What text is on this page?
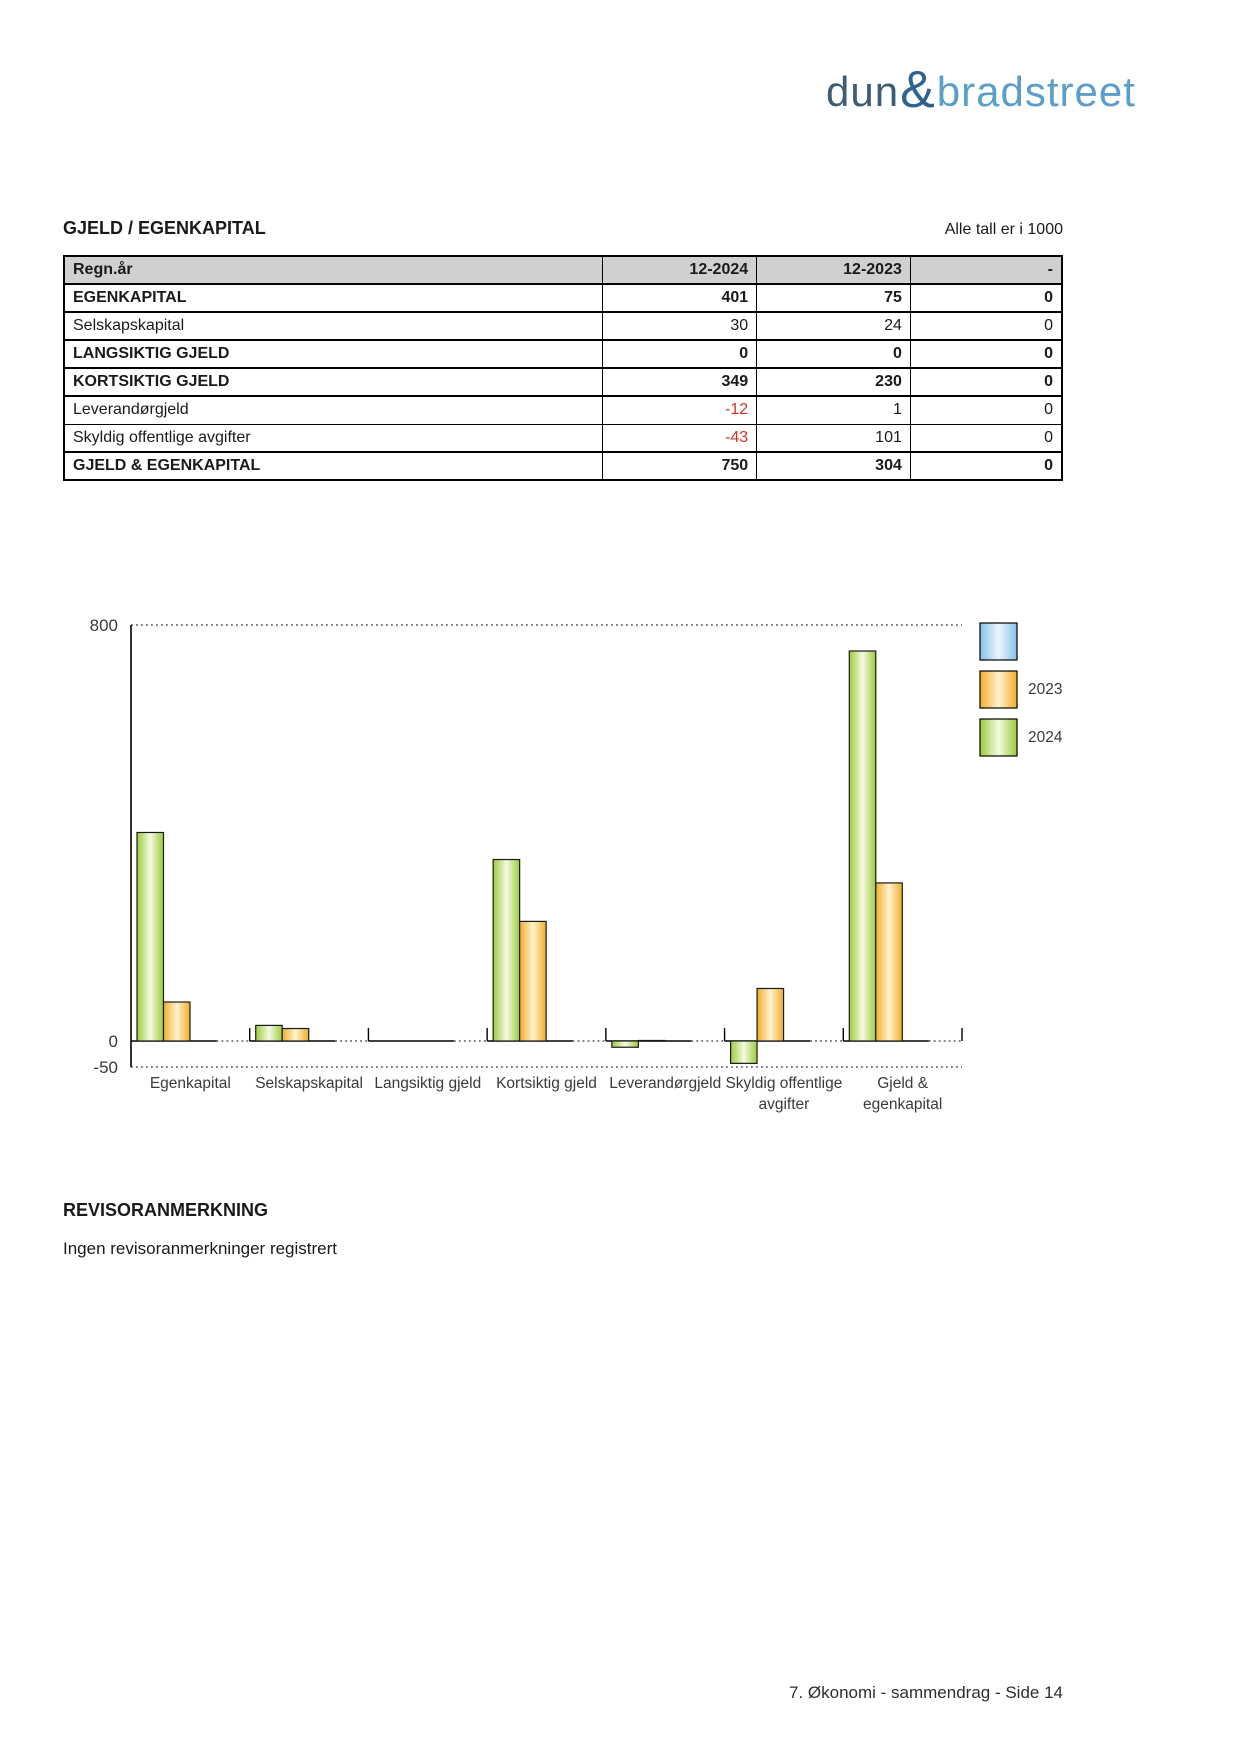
dun & bradstreet
GJELD / EGENKAPITAL	Alle tall er i 1000
Regn.år	12-2024	12-2023	-
EGENKAPITAL	401	75	0
Selskapskapital	30	24	0
LANGSIKTIG GJELD	0	0	0
KORTSIKTIG GJELD	349	230	0
Leverandørgjeld	-12	1	0
Skyldig offentlige avgifter	-43	101	0
GJELD & EGENKAPITAL	750	304	0
800
0
-50
Egenkapital Selskapskapital Langsiktig gjeld Kortsiktig gjeld Leverandørgjeld Skyldig offentlige
avgifter
Gjeld &
egenkapital
2023
2024
REVISORANMERKNING
Ingen revisoranmerkninger registrert
7. Økonomi - sammendrag - Side 14
